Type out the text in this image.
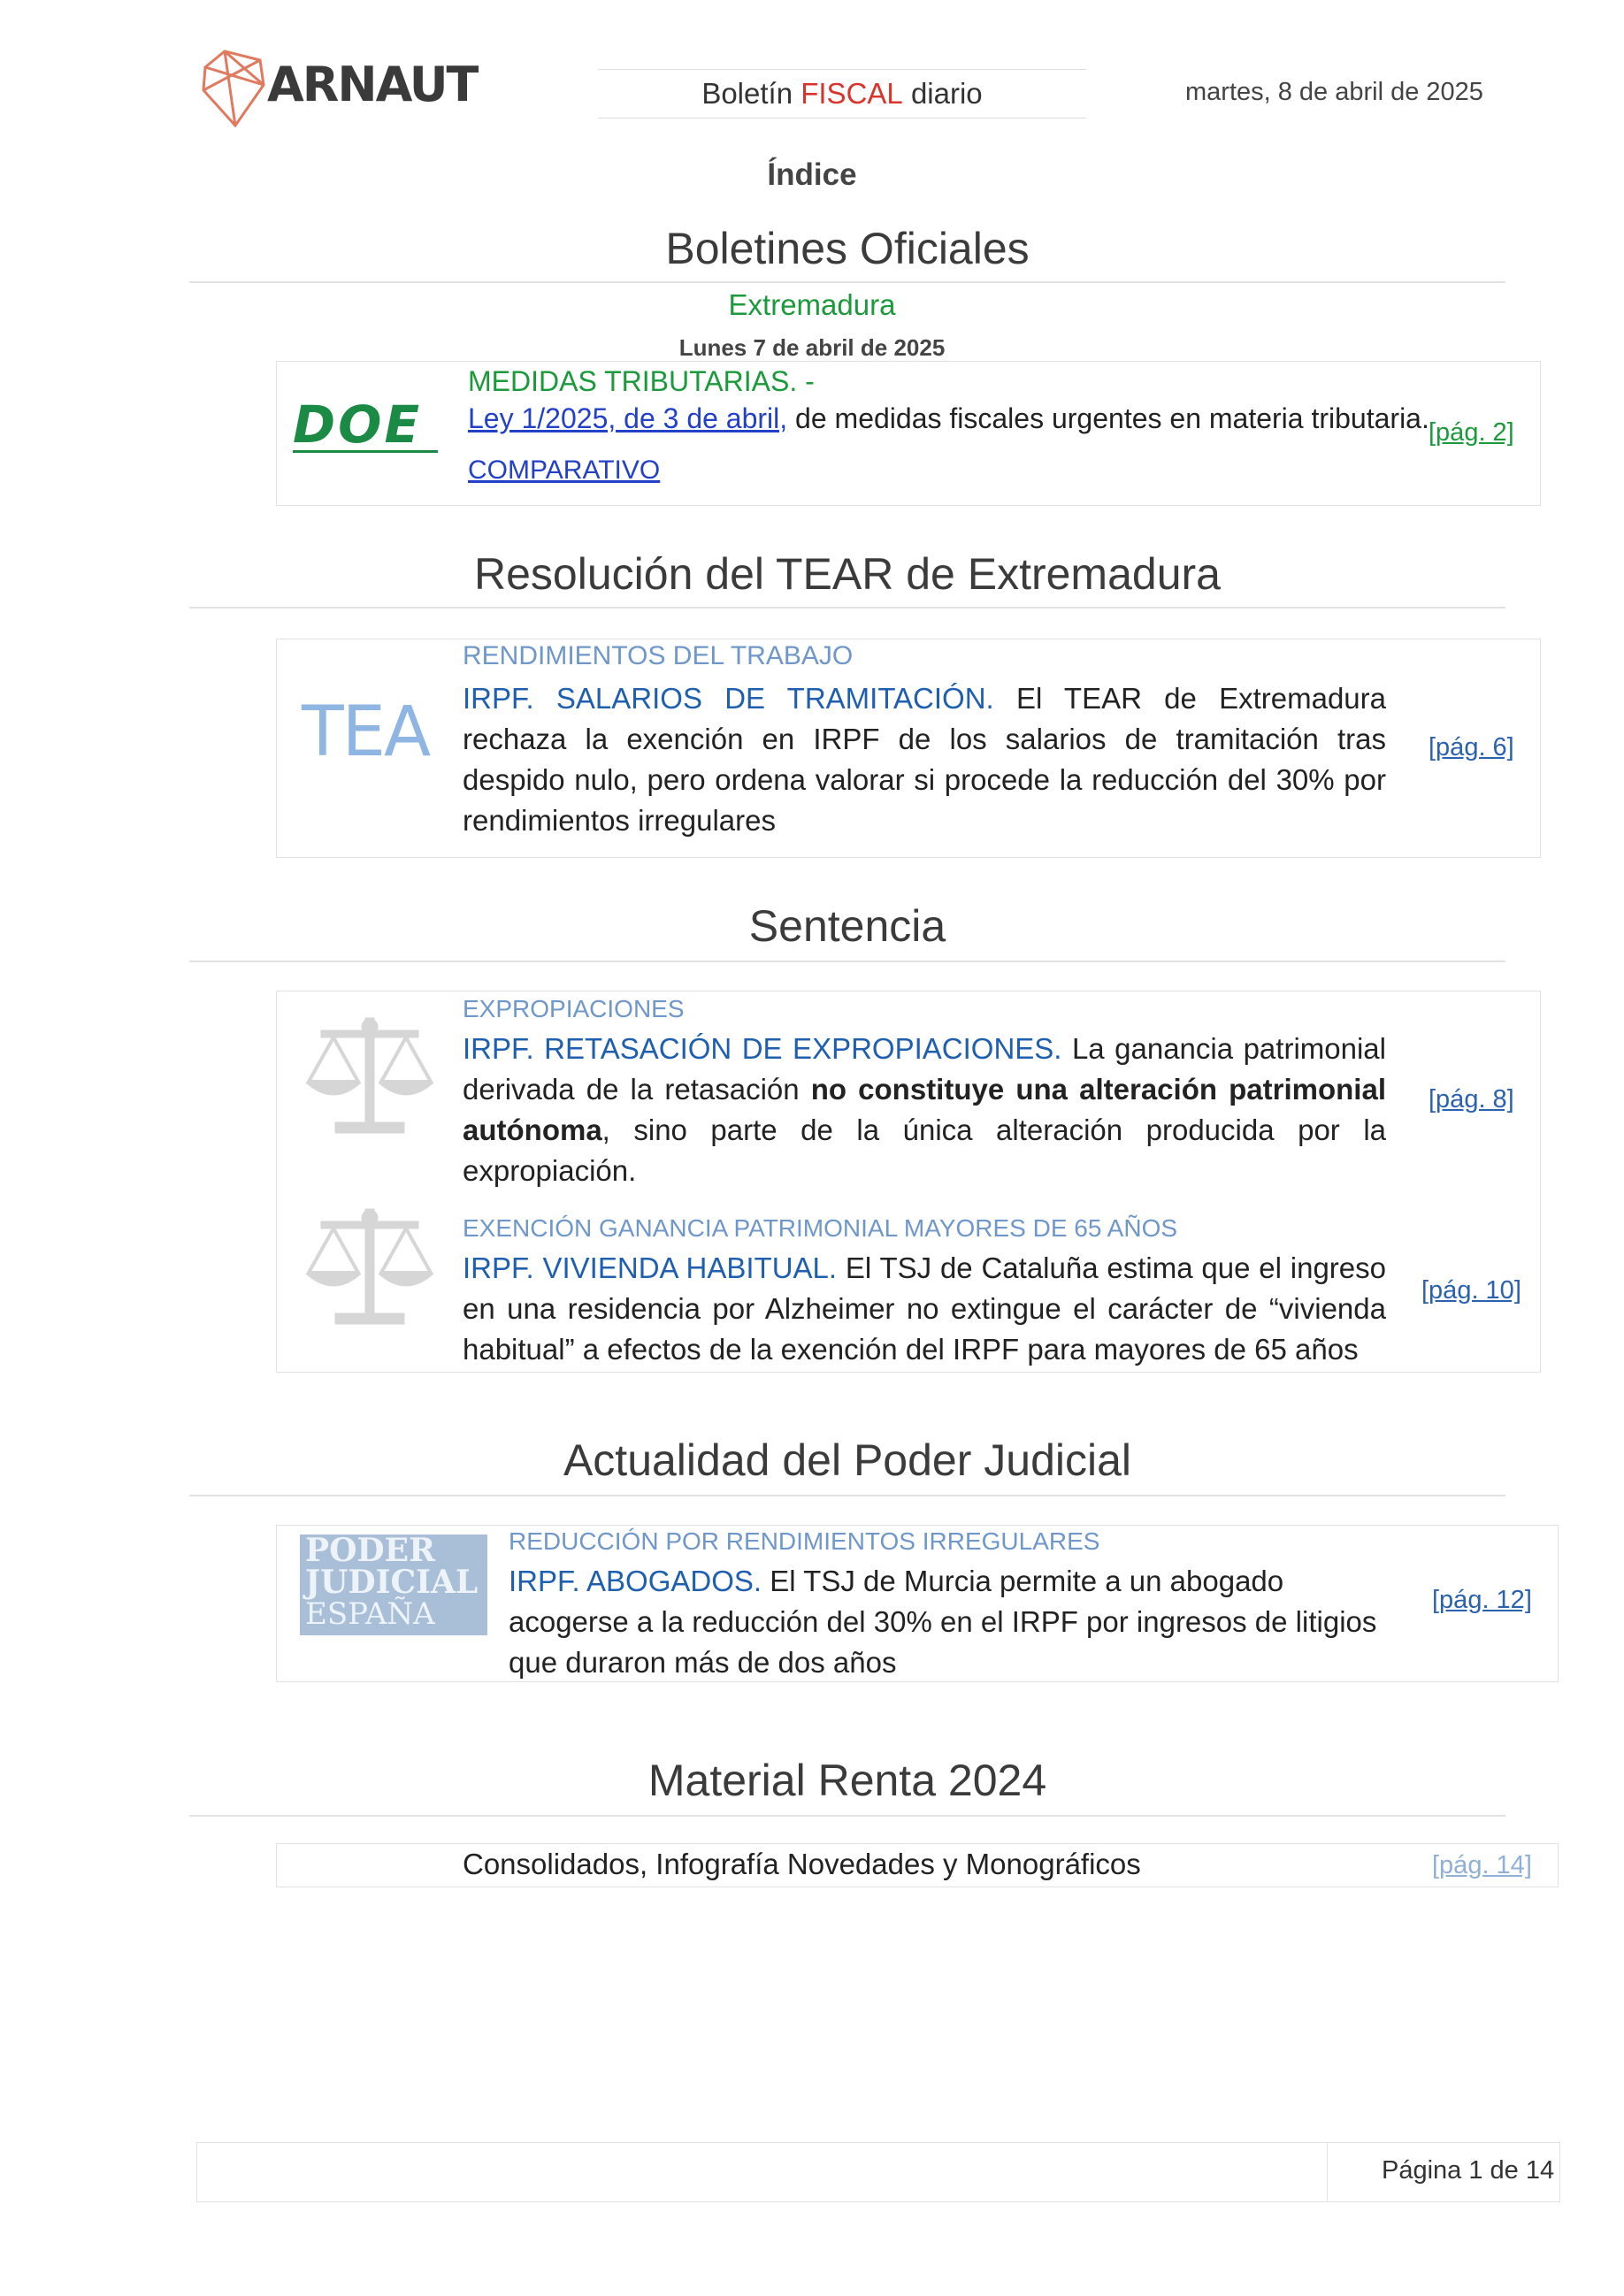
ARNAUT	Boletín FISCAL diario	martes, 8 de abril de 2025
Índice
Boletines Oficiales
Extremadura
Lunes 7 de abril de 2025
DOE
MEDIDAS TRIBUTARIAS. -
Ley 1/2025, de 3 de abril, de medidas fiscales urgentes en materia tributaria.
COMPARATIVO
[pág. 2]
Resolución del TEAR de Extremadura
TEA
RENDIMIENTOS DEL TRABAJO
IRPF. SALARIOS DE TRAMITACIÓN. El TEAR de Extremadura rechaza la exención en IRPF de los salarios de tramitación tras despido nulo, pero ordena valorar si procede la reducción del 30% por rendimientos irregulares
[pág. 6]
Sentencia
EXPROPIACIONES
IRPF. RETASACIÓN DE EXPROPIACIONES. La ganancia patrimonial derivada de la retasación no constituye una alteración patrimonial autónoma, sino parte de la única alteración producida por la expropiación.
[pág. 8]
EXENCIÓN GANANCIA PATRIMONIAL MAYORES DE 65 AÑOS
IRPF. VIVIENDA HABITUAL. El TSJ de Cataluña estima que el ingreso en una residencia por Alzheimer no extingue el carácter de “vivienda habitual” a efectos de la exención del IRPF para mayores de 65 años
[pág. 10]
Actualidad del Poder Judicial
PODER
JUDICIAL
ESPAÑA
REDUCCIÓN POR RENDIMIENTOS IRREGULARES
IRPF. ABOGADOS. El TSJ de Murcia permite a un abogado acogerse a la reducción del 30% en el IRPF por ingresos de litigios que duraron más de dos años
[pág. 12]
Material Renta 2024
Consolidados, Infografía Novedades y Monográficos	[pág. 14]
Página 1 de 14
